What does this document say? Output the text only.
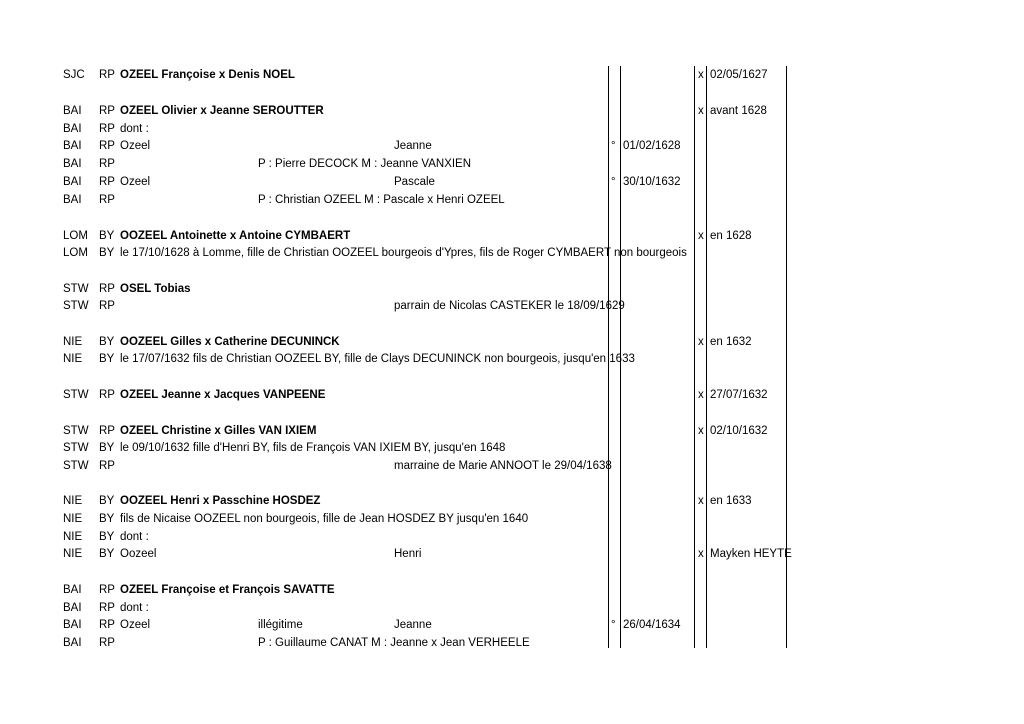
SJC RP OZEEL Françoise x Denis NOEL	x 02/05/1627
BAI RP OZEEL Olivier x Jeanne SEROUTTER	x avant 1628
BAI RP dont :
BAI RP Ozeel	Jeanne	° 01/02/1628
BAI RP	P : Pierre DECOCK M : Jeanne VANXIEN
BAI RP Ozeel	Pascale	° 30/10/1632
BAI RP	P : Christian OZEEL M : Pascale x Henri OZEEL
LOM BY OOZEEL Antoinette x Antoine CYMBAERT	x en 1628
LOM BY le 17/10/1628 à Lomme, fille de Christian OOZEEL bourgeois d'Ypres, fils de Roger CYMBAERT non bourgeois
STW RP OSEL Tobias
STW RP	parrain de Nicolas CASTEKER le 18/09/1629
NIE BY OOZEEL Gilles x Catherine DECUNINCK	x en 1632
NIE BY le 17/07/1632 fils de Christian OOZEEL BY, fille de Clays DECUNINCK non bourgeois, jusqu'en 1633
STW RP OZEEL Jeanne x Jacques VANPEENE	x 27/07/1632
STW RP OZEEL Christine x Gilles VAN IXIEM	x 02/10/1632
STW BY le 09/10/1632 fille d'Henri BY, fils de François VAN IXIEM BY, jusqu'en 1648
STW RP	marraine de Marie ANNOOT le 29/04/1638
NIE BY OOZEEL Henri x Passchine HOSDEZ	x en 1633
NIE BY fils de Nicaise OOZEEL non bourgeois, fille de Jean HOSDEZ BY jusqu'en 1640
NIE BY dont :
NIE BY Oozeel	Henri	x Mayken HEYTE
BAI RP OZEEL Françoise et François SAVATTE
BAI RP dont :
BAI RP Ozeel	illégitime	Jeanne	° 26/04/1634
BAI RP	P : Guillaume CANAT M : Jeanne x Jean VERHEELE
